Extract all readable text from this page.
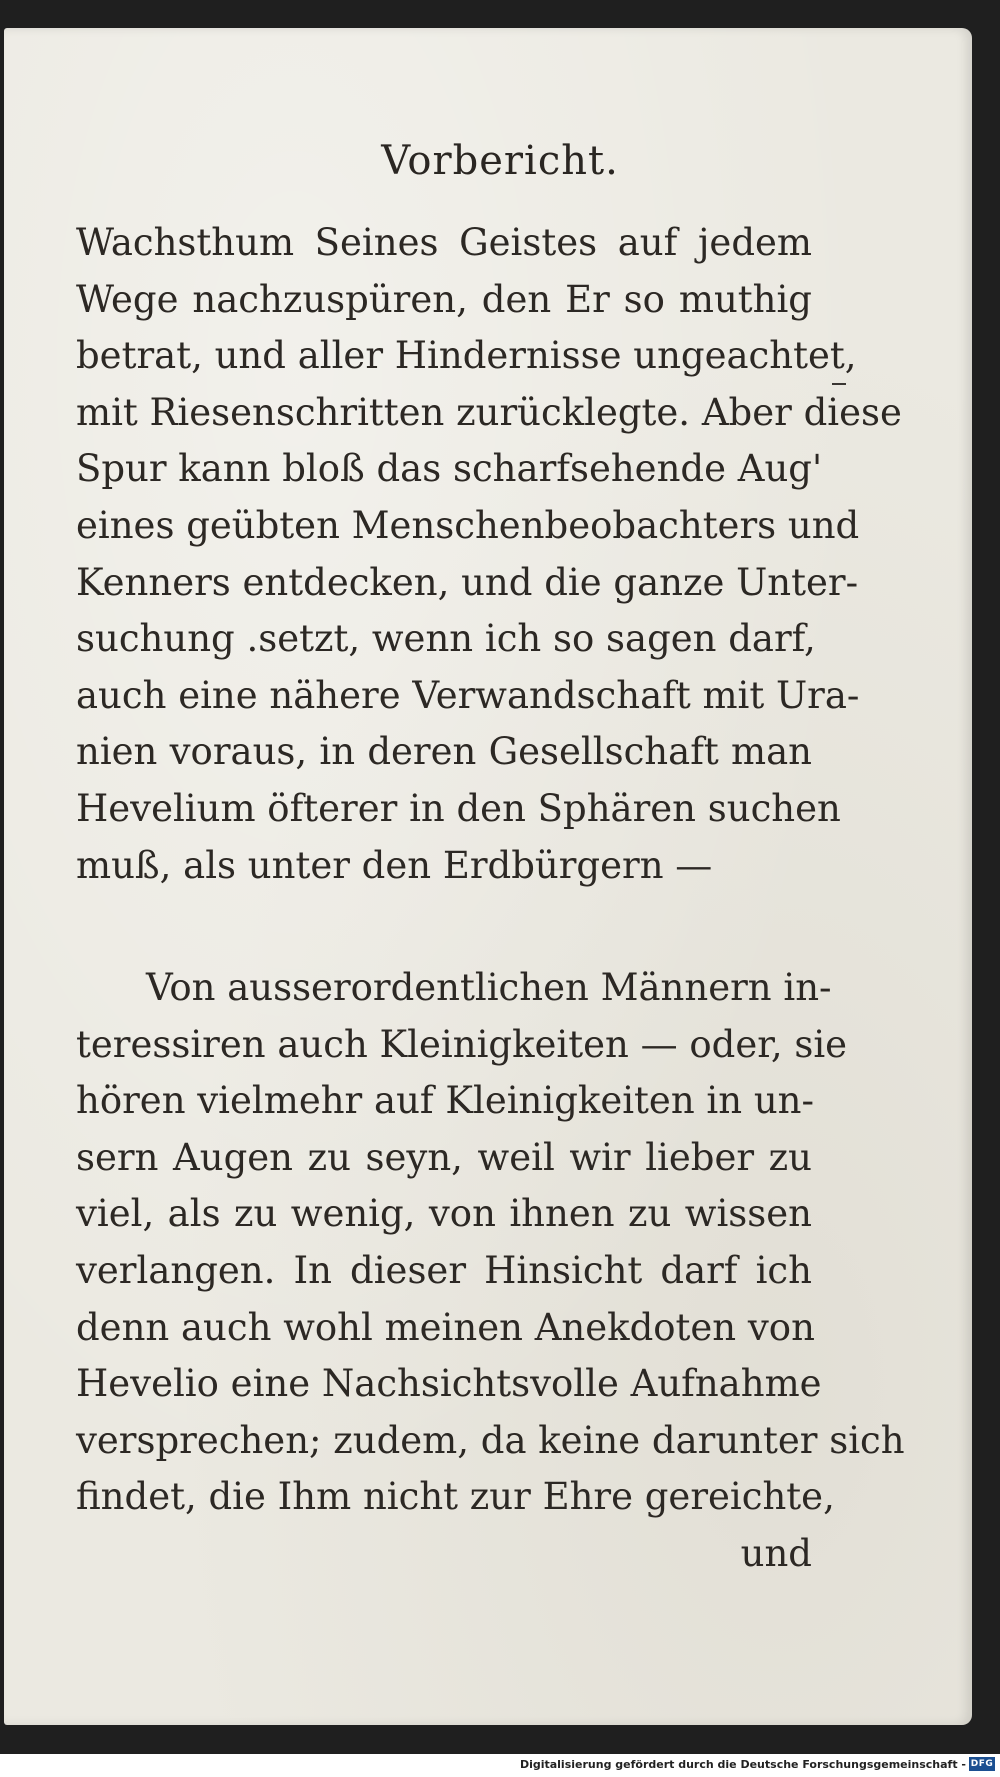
Vorbericht.
Wachsthum Seines Geistes auf jedem
Wege nachzuspüren, den Er so muthig
betrat, und aller Hindernisse ungeachtet,
mit Riesenschritten zurücklegte. Aber diese
Spur kann bloß das scharfsehende Aug'
eines geübten Menschenbeobachters und
Kenners entdecken, und die ganze Unter-
suchung .setzt, wenn ich so sagen darf,
auch eine nähere Verwandschaft mit Ura-
nien voraus, in deren Gesellschaft man
Hevelium öfterer in den Sphären suchen
muß, als unter den Erdbürgern —
Von ausserordentlichen Männern in-
teressiren auch Kleinigkeiten — oder, sie
hören vielmehr auf Kleinigkeiten in un-
sern Augen zu seyn, weil wir lieber zu
viel, als zu wenig, von ihnen zu wissen
verlangen. In dieser Hinsicht darf ich
denn auch wohl meinen Anekdoten von
Hevelio eine Nachsichtsvolle Aufnahme
versprechen; zudem, da keine darunter sich
findet, die Ihm nicht zur Ehre gereichte,
und
Digitalisierung gefördert durch die Deutsche Forschungsgemeinschaft - DFG
